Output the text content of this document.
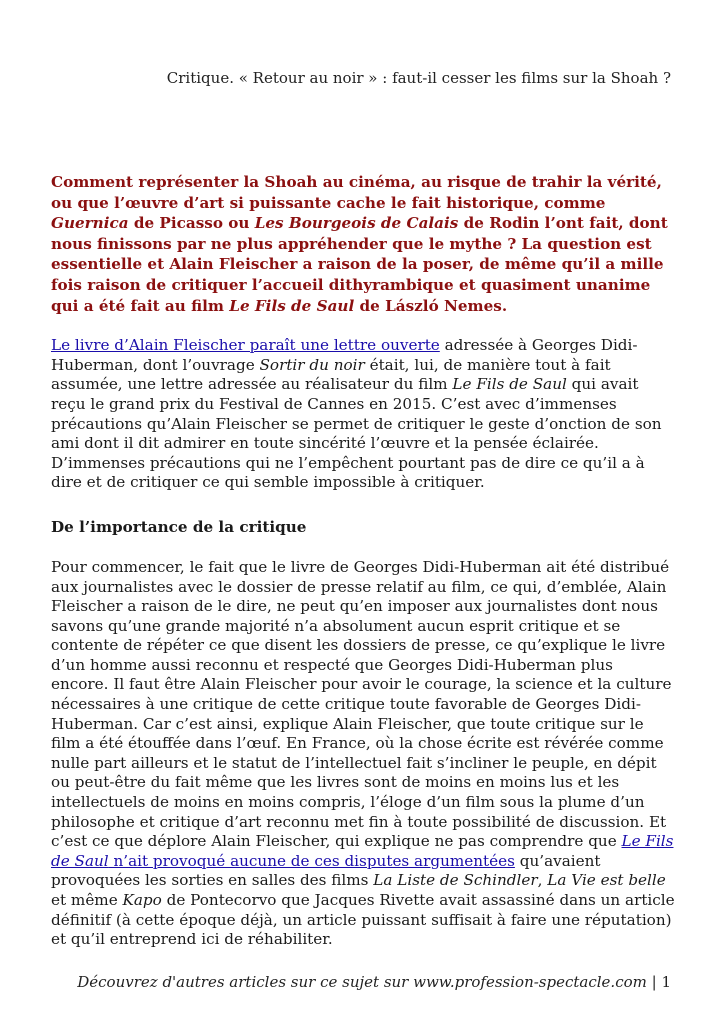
Critique. « Retour au noir » : faut-il cesser les films sur la Shoah ?

Comment représenter la Shoah au cinéma, au risque de trahir la vérité, ou que l’œuvre d’art si puissante cache le fait historique, comme Guernica de Picasso ou Les Bourgeois de Calais de Rodin l’ont fait, dont nous finissons par ne plus appréhender que le mythe ? La question est essentielle et Alain Fleischer a raison de la poser, de même qu’il a mille fois raison de critiquer l’accueil dithyrambique et quasiment unanime qui a été fait au film Le Fils de Saul de László Nemes.

Le livre d’Alain Fleischer paraît une lettre ouverte adressée à Georges Didi-Huberman, dont l’ouvrage Sortir du noir était, lui, de manière tout à fait assumée, une lettre adressée au réalisateur du film Le Fils de Saul qui avait reçu le grand prix du Festival de Cannes en 2015. C’est avec d’immenses précautions qu’Alain Fleischer se permet de critiquer le geste d’onction de son ami dont il dit admirer en toute sincérité l’œuvre et la pensée éclairée. D’immenses précautions qui ne l’empêchent pourtant pas de dire ce qu’il a à dire et de critiquer ce qui semble impossible à critiquer.

De l’importance de la critique

Pour commencer, le fait que le livre de Georges Didi-Huberman ait été distribué aux journalistes avec le dossier de presse relatif au film, ce qui, d’emblée, Alain Fleischer a raison de le dire, ne peut qu’en imposer aux journalistes dont nous savons qu’une grande majorité n’a absolument aucun esprit critique et se contente de répéter ce que disent les dossiers de presse, ce qu’explique le livre d’un homme aussi reconnu et respecté que Georges Didi-Huberman plus encore. Il faut être Alain Fleischer pour avoir le courage, la science et la culture nécessaires à une critique de cette critique toute favorable de Georges Didi-Huberman. Car c’est ainsi, explique Alain Fleischer, que toute critique sur le film a été étouffée dans l’œuf. En France, où la chose écrite est révérée comme nulle part ailleurs et le statut de l’intellectuel fait s’incliner le peuple, en dépit ou peut-être du fait même que les livres sont de moins en moins lus et les intellectuels de moins en moins compris, l’éloge d’un film sous la plume d’un philosophe et critique d’art reconnu met fin à toute possibilité de discussion. Et c’est ce que déplore Alain Fleischer, qui explique ne pas comprendre que Le Fils de Saul n’ait provoqué aucune de ces disputes argumentées qu’avaient provoquées les sorties en salles des films La Liste de Schindler, La Vie est belle et même Kapo de Pontecorvo que Jacques Rivette avait assassiné dans un article définitif (à cette époque déjà, un article puissant suffisait à faire une réputation) et qu’il entreprend ici de réhabiliter.

Découvrez d'autres articles sur ce sujet sur www.profession-spectacle.com | 1
